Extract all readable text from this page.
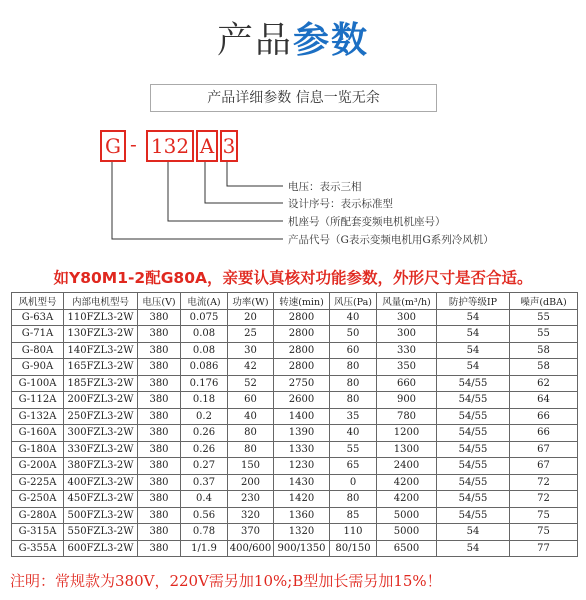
产品参数
产品详细参数 信息一览无余
G - 132 A 3
电压：表示三相
设计序号：表示标准型
机座号（所配套变频电机机座号）
产品代号（G表示变频电机用G系列冷风机）
如Y80M1-2配G80A，亲要认真核对功能参数，外形尺寸是否合适。
风机型号	内部电机型号	电压(V)	电流(A)	功率(W)	转速(min)	风压(Pa)	风量(m³/h)	防护等级IP	噪声(dBA)
G-63A	110FZL3-2W	380	0.075	20	2800	40	300	54	55
G-71A	130FZL3-2W	380	0.08	25	2800	50	300	54	55
G-80A	140FZL3-2W	380	0.08	30	2800	60	330	54	58
G-90A	165FZL3-2W	380	0.086	42	2800	80	350	54	58
G-100A	185FZL3-2W	380	0.176	52	2750	80	660	54/55	62
G-112A	200FZL3-2W	380	0.18	60	2600	80	900	54/55	64
G-132A	250FZL3-2W	380	0.2	40	1400	35	780	54/55	66
G-160A	300FZL3-2W	380	0.26	80	1390	40	1200	54/55	66
G-180A	330FZL3-2W	380	0.26	80	1330	55	1300	54/55	67
G-200A	380FZL3-2W	380	0.27	150	1230	65	2400	54/55	67
G-225A	400FZL3-2W	380	0.37	200	1430	0	4200	54/55	72
G-250A	450FZL3-2W	380	0.4	230	1420	80	4200	54/55	72
G-280A	500FZL3-2W	380	0.56	320	1360	85	5000	54/55	75
G-315A	550FZL3-2W	380	0.78	370	1320	110	5000	54	75
G-355A	600FZL3-2W	380	1/1.9	400/600	900/1350	80/150	6500	54	77
注明：常规款为380V，220V需另加10%;B型加长需另加15%！
